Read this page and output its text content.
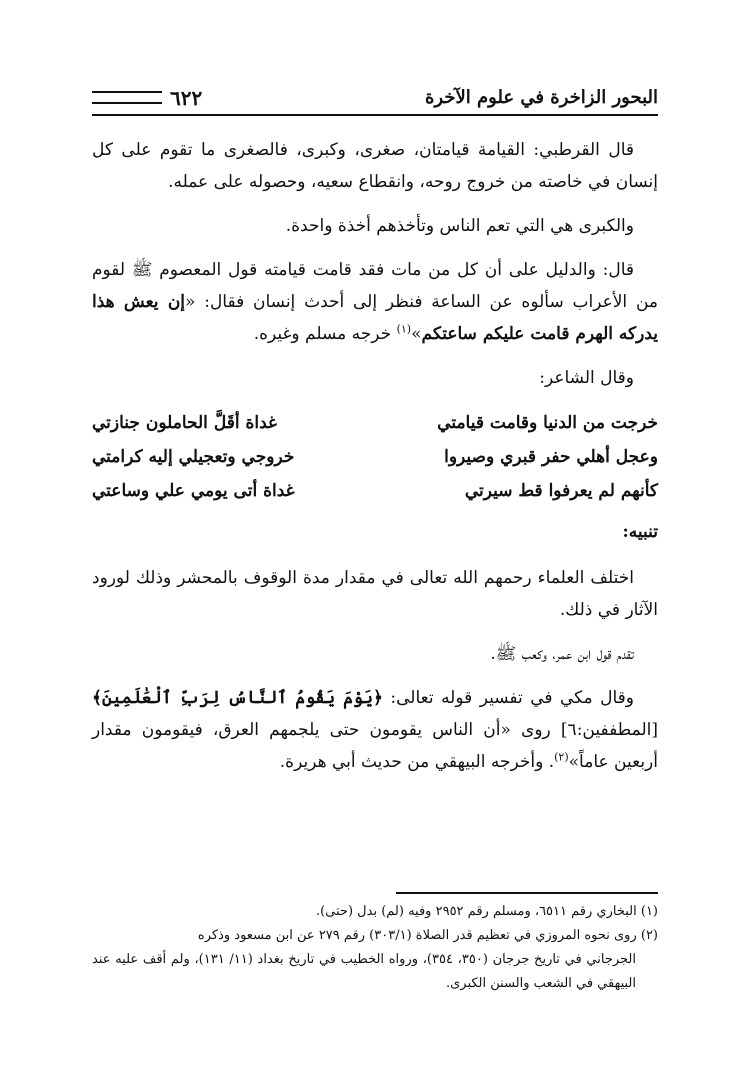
البحور الزاخرة في علوم الآخرة
٦٢٢

قال القرطبي: القيامة قيامتان، صغرى، وكبرى، فالصغرى ما تقوم على كل إنسان في خاصته من خروج روحه، وانقطاع سعيه، وحصوله على عمله.

والكبرى هي التي تعم الناس وتأخذهم أخذة واحدة.

قال: والدليل على أن كل من مات فقد قامت قيامته قول المعصوم ﷺ لقوم من الأعراب سألوه عن الساعة فنظر إلى أحدث إنسان فقال: «إن يعش هذا يدركه الهرم قامت عليكم ساعتكم»$^{(١)}$ خرجه مسلم وغيره.

وقال الشاعر:

خرجت من الدنيا وقامت قيامتي
غداة أقَلَّ الحاملون جنازتي
وعجل أهلي حفر قبري وصيروا
خروجي وتعجيلي إليه كرامتي
كأنهم لم يعرفوا قط سيرتي
غداة أتى يومي علي وساعتي

تنبيه:

اختلف العلماء رحمهم الله تعالى في مقدار مدة الوقوف بالمحشر وذلك لورود الآثار في ذلك.

تقدم قول ابن عمر، وكعب ﷺ.

وقال مكي في تفسير قوله تعالى: ﴿يَوْمَ يَقُومُ ٱلنَّاسُ لِرَبِّ ٱلْعَٰلَمِينَ﴾ [المطففين:٦] روى «أن الناس يقومون حتى يلجمهم العرق، فيقومون مقدار أربعين عاماً»$^{(٢)}$. وأخرجه البيهقي من حديث أبي هريرة.

(١) البخاري رقم ٦٥١١، ومسلم رقم ٢٩٥٢ وفيه (لم) بدل (حتى).

(٢) روى نحوه المروزي في تعظيم قدر الصلاة (٣٠٣/١) رقم ٢٧٩ عن ابن مسعود وذكره
الجرجاني في تاريخ جرجان (٣٥٠، ٣٥٤)، ورواه الخطيب في تاريخ بغداد (١١/ ١٣١)، ولم أقف عليه عند البيهقي في الشعب والسنن الكبرى.
